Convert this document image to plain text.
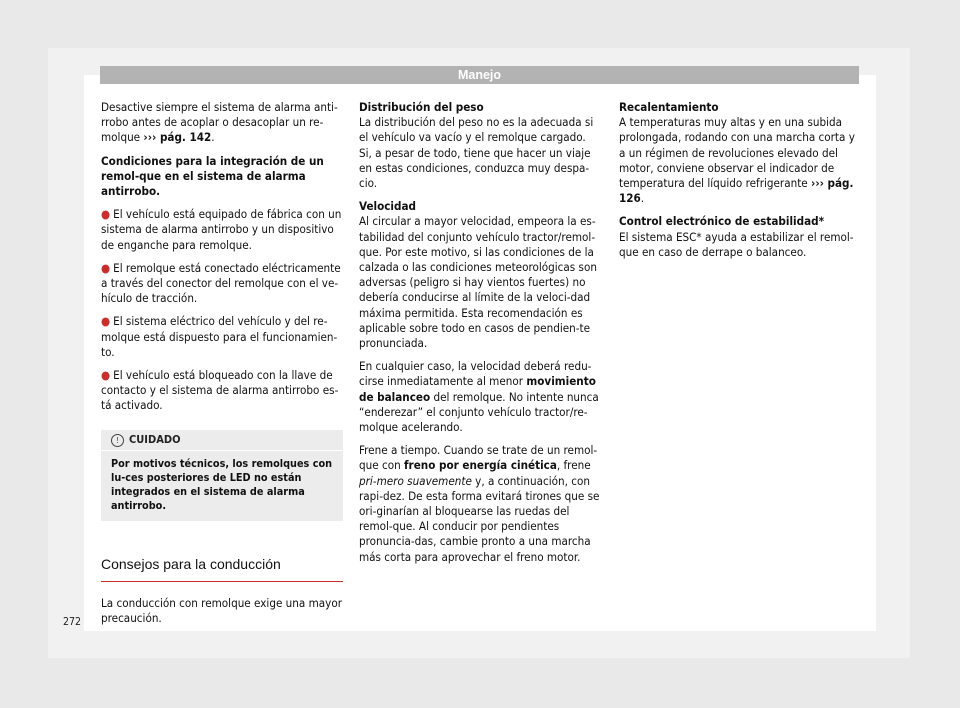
Manejo

Desactive siempre el sistema de alarma anti-rrobo antes de acoplar o desacoplar un re-molque ››› pág. 142.

Condiciones para la integración de un remol-que en el sistema de alarma antirrobo.

● El vehículo está equipado de fábrica con un sistema de alarma antirrobo y un dispositivo de enganche para remolque.

● El remolque está conectado eléctricamente a través del conector del remolque con el ve-hículo de tracción.

● El sistema eléctrico del vehículo y del re-molque está dispuesto para el funcionamien-to.

● El vehículo está bloqueado con la llave de contacto y el sistema de alarma antirrobo es-tá activado.

! CUIDADO
Por motivos técnicos, los remolques con lu-ces posteriores de LED no están integrados en el sistema de alarma antirrobo.
Consejos para la conducción

La conducción con remolque exige una mayor precaución.

Distribución del peso

La distribución del peso no es la adecuada si el vehículo va vacío y el remolque cargado. Si, a pesar de todo, tiene que hacer un viaje en estas condiciones, conduzca muy despa-cio.

Velocidad

Al circular a mayor velocidad, empeora la es-tabilidad del conjunto vehículo tractor/remol-que. Por este motivo, si las condiciones de la calzada o las condiciones meteorológicas son adversas (peligro si hay vientos fuertes) no debería conducirse al límite de la veloci-dad máxima permitida. Esta recomendación es aplicable sobre todo en casos de pendien-te pronunciada.

En cualquier caso, la velocidad deberá redu-cirse inmediatamente al menor movimiento de balanceo del remolque. No intente nunca “enderezar” el conjunto vehículo tractor/re-molque acelerando.

Frene a tiempo. Cuando se trate de un remol-que con freno por energía cinética, frene pri-mero suavemente y, a continuación, con rapi-dez. De esta forma evitará tirones que se ori-ginarían al bloquearse las ruedas del remol-que. Al conducir por pendientes pronuncia-das, cambie pronto a una marcha más corta para aprovechar el freno motor.

Recalentamiento

A temperaturas muy altas y en una subida prolongada, rodando con una marcha corta y a un régimen de revoluciones elevado del motor, conviene observar el indicador de temperatura del líquido refrigerante ››› pág. 126.

Control electrónico de estabilidad*

El sistema ESC* ayuda a estabilizar el remol-que en caso de derrape o balanceo.

272
